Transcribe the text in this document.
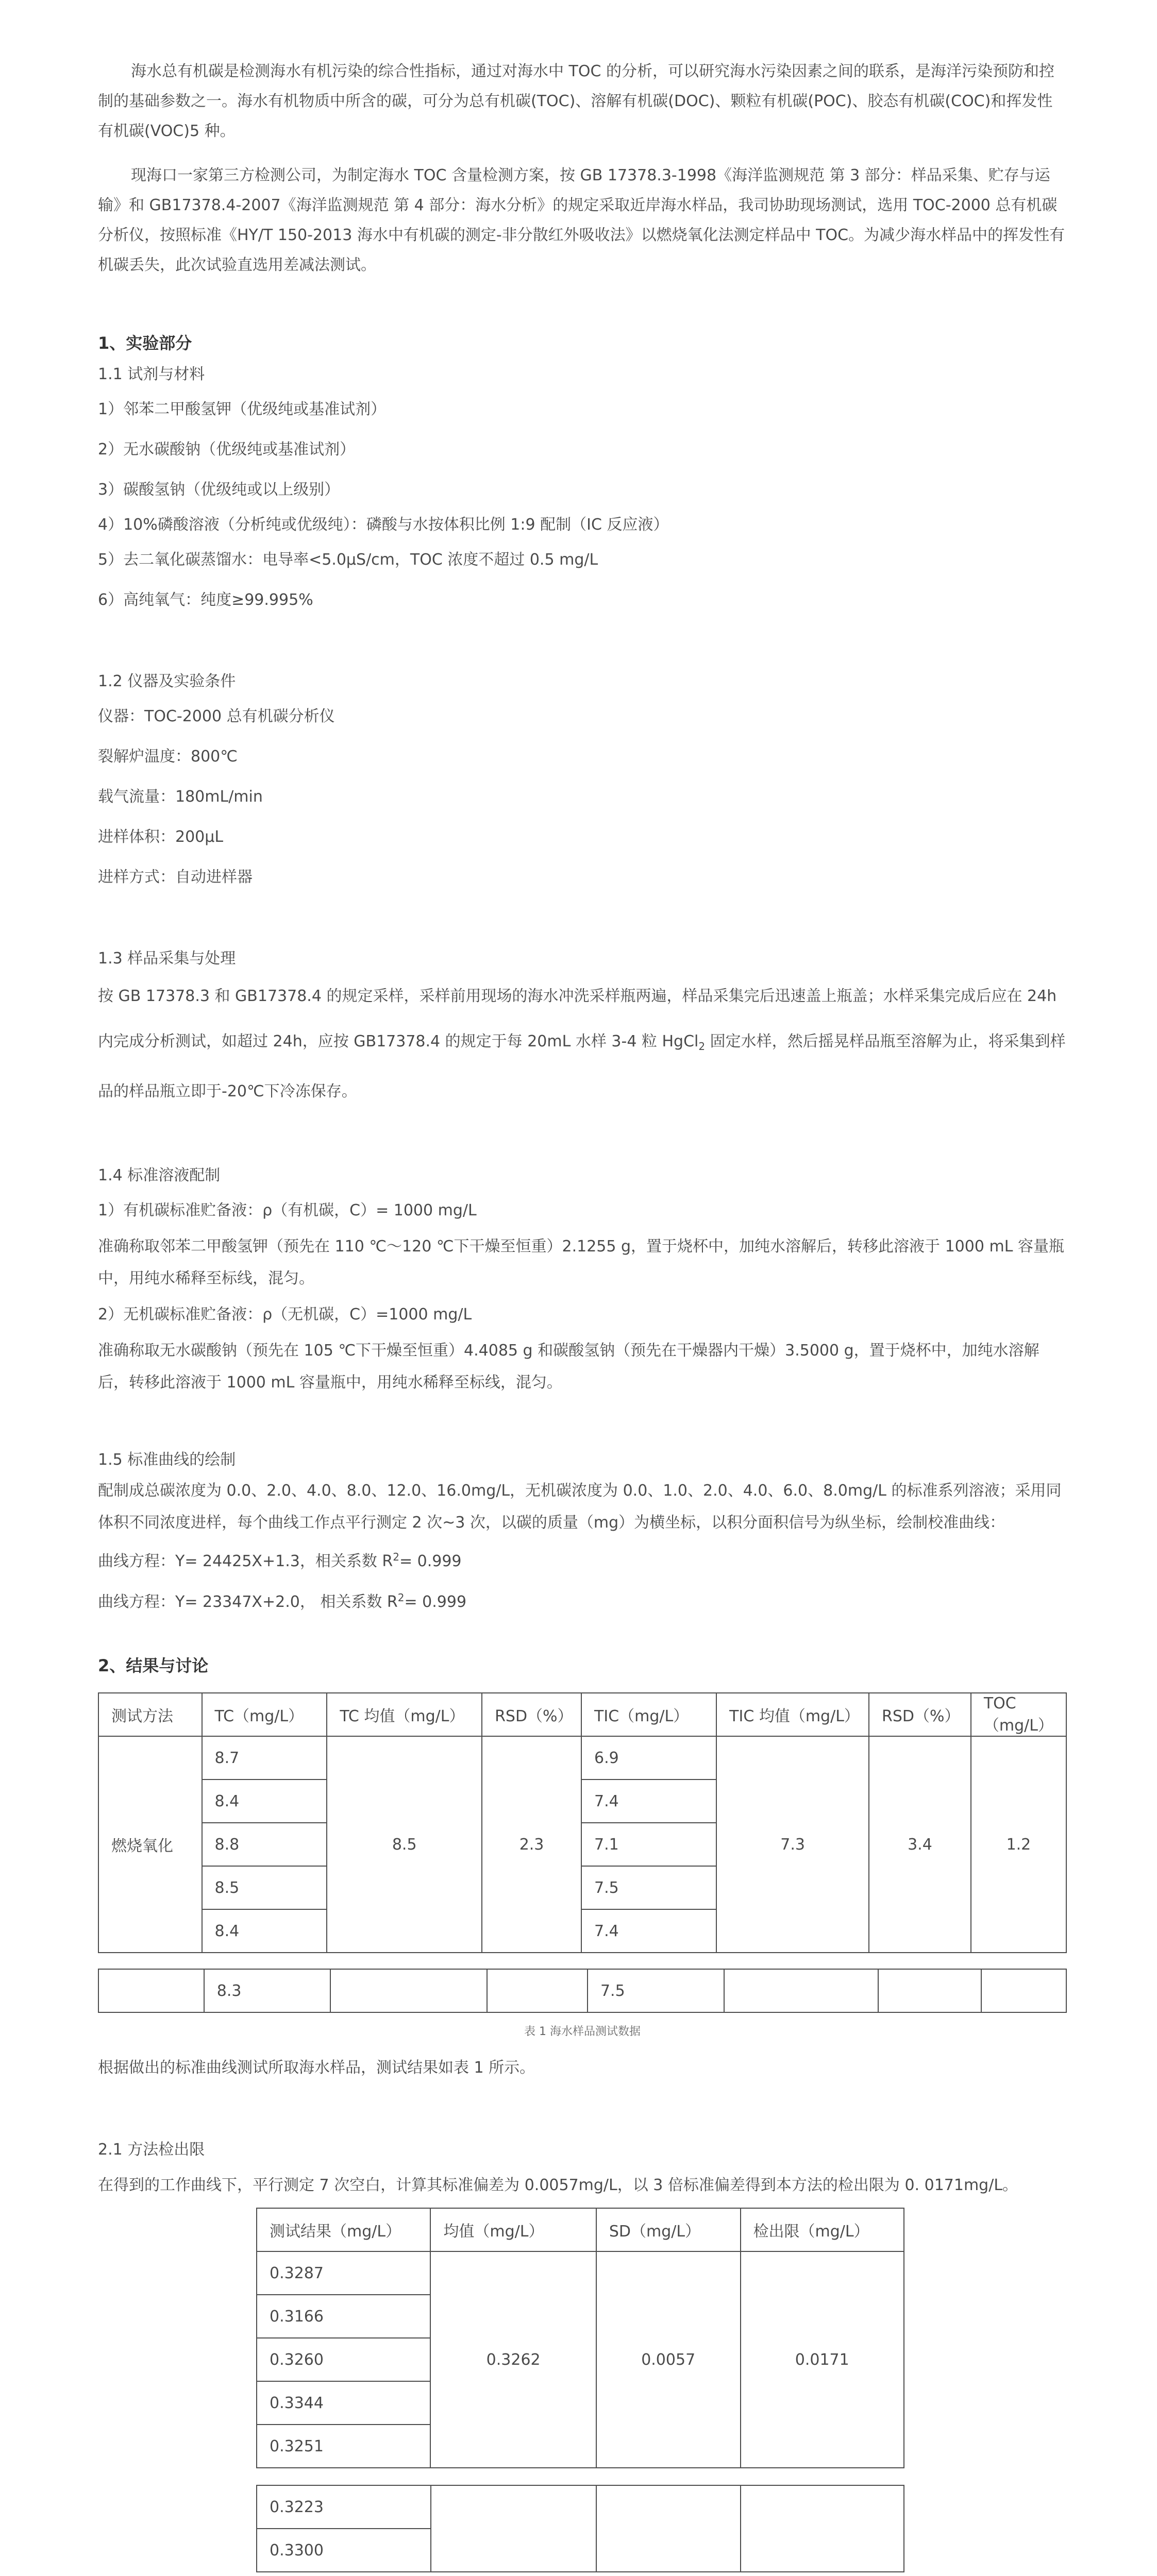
海水总有机碳是检测海水有机污染的综合性指标，通过对海水中 TOC 的分析，可以研究海水污染因素之间的联系，是海洋污染预防和控制的基础参数之一。海水有机物质中所含的碳，可分为总有机碳(TOC)、溶解有机碳(DOC)、颗粒有机碳(POC)、胶态有机碳(COC)和挥发性有机碳(VOC)5 种。

现海口一家第三方检测公司，为制定海水 TOC 含量检测方案，按 GB 17378.3-1998《海洋监测规范 第 3 部分：样品采集、贮存与运输》和 GB17378.4-2007《海洋监测规范 第 4 部分：海水分析》的规定采取近岸海水样品，我司协助现场测试，选用 TOC-2000 总有机碳分析仪，按照标准《HY/T 150-2013 海水中有机碳的测定-非分散红外吸收法》以燃烧氧化法测定样品中 TOC。为减少海水样品中的挥发性有机碳丢失，此次试验直选用差减法测试。

1、实验部分

1.1 试剂与材料

1）邻苯二甲酸氢钾（优级纯或基准试剂）

2）无水碳酸钠（优级纯或基准试剂）

3）碳酸氢钠（优级纯或以上级别）

4）10%磷酸溶液（分析纯或优级纯）：磷酸与水按体积比例 1:9 配制（IC 反应液）

5）去二氧化碳蒸馏水：电导率<5.0μS/cm，TOC 浓度不超过 0.5 mg/L

6）高纯氧气：纯度≥99.995%

1.2 仪器及实验条件

仪器：TOC-2000 总有机碳分析仪

裂解炉温度：800℃

载气流量：180mL/min

进样体积：200μL

进样方式：自动进样器

1.3 样品采集与处理

按 GB 17378.3 和 GB17378.4 的规定采样，采样前用现场的海水冲洗采样瓶两遍，样品采集完后迅速盖上瓶盖；水样采集完成后应在 24h 内完成分析测试，如超过 24h，应按 GB17378.4 的规定于每 20mL 水样 3-4 粒 HgCl$_2$ 固定水样，然后摇晃样品瓶至溶解为止，将采集到样品的样品瓶立即于-20℃下冷冻保存。

1.4 标准溶液配制

1）有机碳标准贮备液：ρ（有机碳，C）= 1000 mg/L

准确称取邻苯二甲酸氢钾（预先在 110 ℃～120 ℃下干燥至恒重）2.1255 g，置于烧杯中，加纯水溶解后，转移此溶液于 1000 mL 容量瓶中，用纯水稀释至标线，混匀。

2）无机碳标准贮备液：ρ（无机碳，C）=1000 mg/L

准确称取无水碳酸钠（预先在 105 ℃下干燥至恒重）4.4085 g 和碳酸氢钠（预先在干燥器内干燥）3.5000 g，置于烧杯中，加纯水溶解后，转移此溶液于 1000 mL 容量瓶中，用纯水稀释至标线，混匀。

1.5 标准曲线的绘制

配制成总碳浓度为 0.0、2.0、4.0、8.0、12.0、16.0mg/L，无机碳浓度为 0.0、1.0、2.0、4.0、6.0、8.0mg/L 的标准系列溶液；采用同体积不同浓度进样，每个曲线工作点平行测定 2 次~3 次，以碳的质量（mg）为横坐标，以积分面积信号为纵坐标，绘制校准曲线：

曲线方程：Y= 24425X+1.3，相关系数 $R^2= 0.999$

曲线方程：Y= 23347X+2.0， 相关系数 $R^2= 0.999$

2、结果与讨论

测试方法	TC（mg/L）	TC 均值（mg/L）	RSD（%）	TIC（mg/L）	TIC 均值（mg/L）	RSD（%）	TOC（mg/L）
燃烧氧化	8.7	8.5	2.3	6.9	7.3	3.4	1.2
	8.4			7.4			
	8.8			7.1			
	8.5			7.5			
	8.4			7.4			
	8.3			7.5			

表 1 海水样品测试数据

根据做出的标准曲线测试所取海水样品，测试结果如表 1 所示。

2.1 方法检出限

在得到的工作曲线下，平行测定 7 次空白，计算其标准偏差为 0.0057mg/L，以 3 倍标准偏差得到本方法的检出限为 0. 0171mg/L。

测试结果（mg/L）	均值（mg/L）	SD（mg/L）	检出限（mg/L）
0.3287	0.3262	0.0057	0.0171
0.3166			
0.3260			
0.3344			
0.3251			
0.3223			
0.3300
